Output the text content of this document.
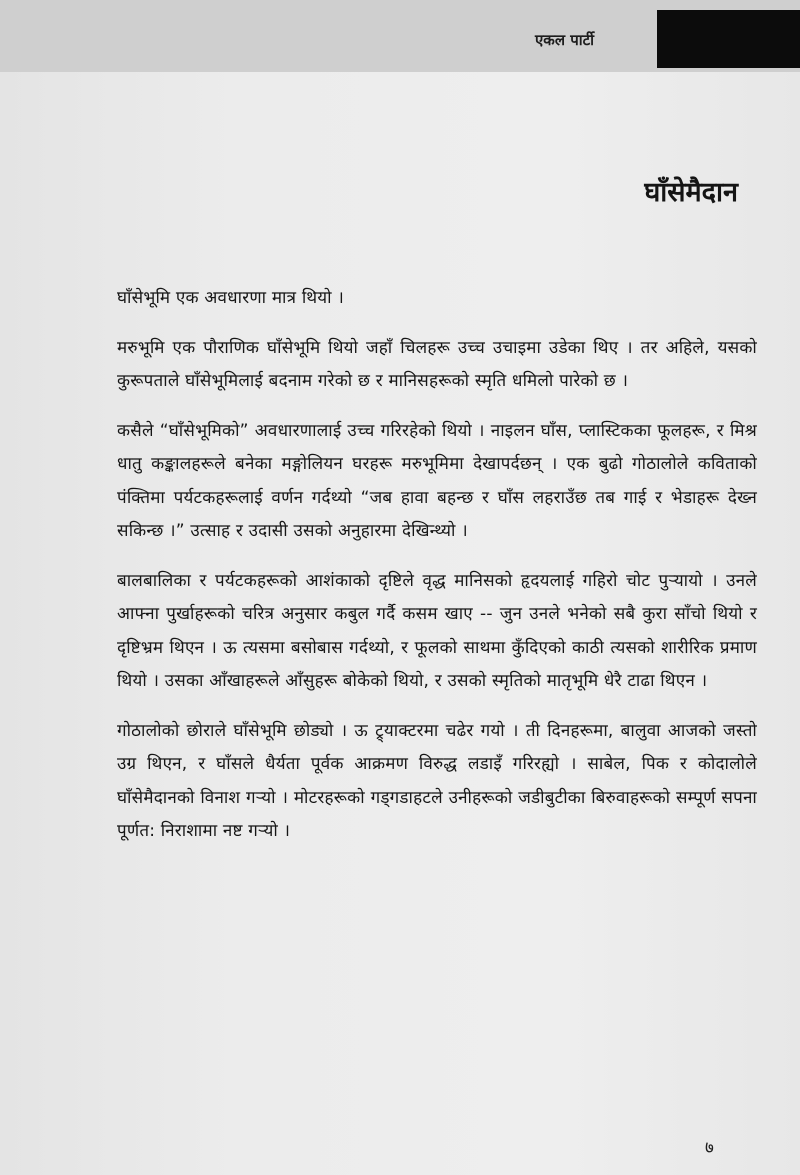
एकल पार्टी
घाँसेमैदान

घाँसेभूमि एक अवधारणा मात्र थियो ।

मरुभूमि एक पौराणिक घाँसेभूमि थियो जहाँ चिलहरू उच्च उचाइमा उडेका थिए । तर अहिले, यसको कुरूपताले घाँसेभूमिलाई बदनाम गरेको छ र मानिसहरूको स्मृति धमिलो पारेको छ ।

कसैले “घाँसेभूमिको” अवधारणालाई उच्च गरिरहेको थियो । नाइलन घाँस, प्लास्टिकका फूलहरू, र मिश्र धातु कङ्कालहरूले बनेका मङ्गोलियन घरहरू मरुभूमिमा देखापर्दछन् । एक बुढो गोठालोले कविताको पंक्तिमा पर्यटकहरूलाई वर्णन गर्दथ्यो “जब हावा बहन्छ र घाँस लहराउँछ तब गाई र भेडाहरू देख्न सकिन्छ ।” उत्साह र उदासी उसको अनुहारमा देखिन्थ्यो ।

बालबालिका र पर्यटकहरूको आशंकाको दृष्टिले वृद्ध मानिसको हृदयलाई गहिरो चोट पुर्‍यायो । उनले आफ्ना पुर्खाहरूको चरित्र अनुसार कबुल गर्दै कसम खाए -- जुन उनले भनेको सबै कुरा साँचो थियो र दृष्टिभ्रम थिएन । ऊ त्यसमा बसोबास गर्दथ्यो, र फूलको साथमा कुँदिएको काठी त्यसको शारीरिक प्रमाण थियो । उसका आँखाहरूले आँसुहरू बोकेको थियो, र उसको स्मृतिको मातृभूमि धेरै टाढा थिएन ।

गोठालोको छोराले घाँसेभूमि छोड्यो । ऊ ट्र्याक्टरमा चढेर गयो । ती दिनहरूमा, बालुवा आजको जस्तो उग्र थिएन, र घाँसले धैर्यता पूर्वक आक्रमण विरुद्ध लडाइँ गरिरह्यो । साबेल, पिक र कोदालोले घाँसेमैदानको विनाश गर्‍यो । मोटरहरूको गड्गडाहटले उनीहरूको जडीबुटीका बिरुवाहरूको सम्पूर्ण सपना पूर्णत: निराशामा नष्ट गर्‍यो ।

७
